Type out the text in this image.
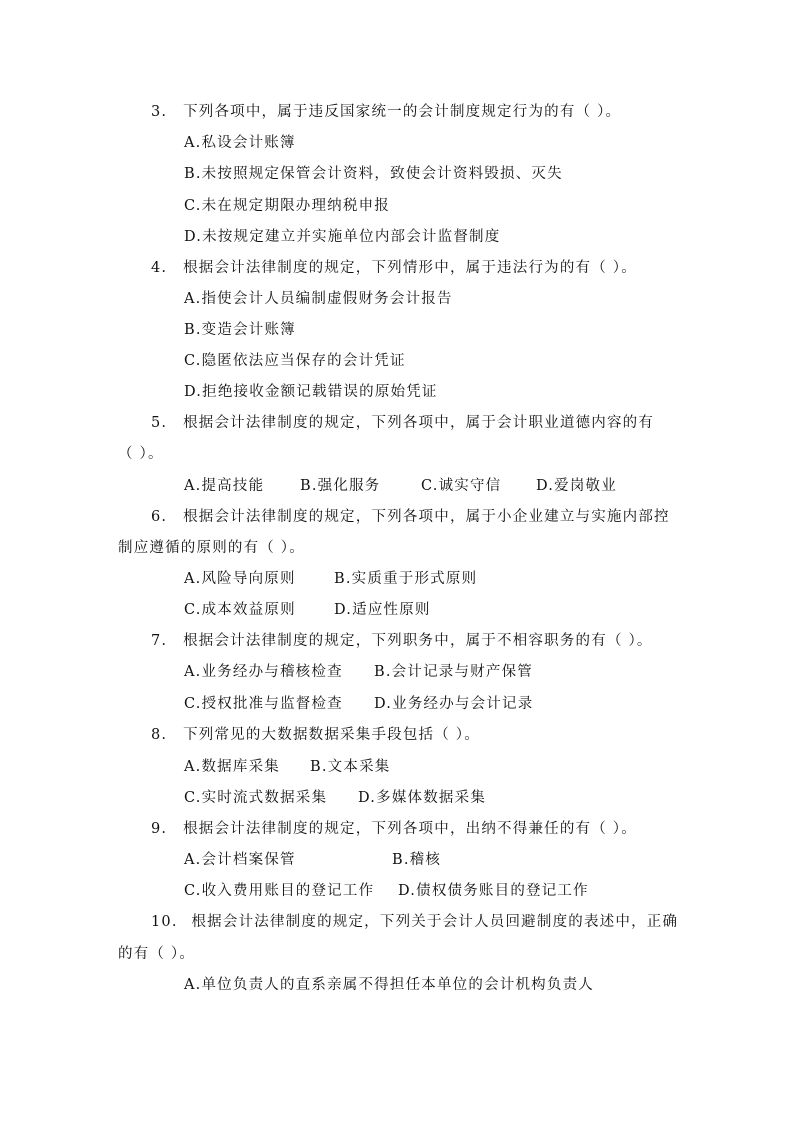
3. 下列各项中，属于违反国家统一的会计制度规定行为的有（ ）。
A.私设会计账簿
B.未按照规定保管会计资料，致使会计资料毁损、灭失
C.未在规定期限办理纳税申报
D.未按规定建立并实施单位内部会计监督制度
4. 根据会计法律制度的规定，下列情形中，属于违法行为的有（ ）。
A.指使会计人员编制虚假财务会计报告
B.变造会计账簿
C.隐匿依法应当保存的会计凭证
D.拒绝接收金额记载错误的原始凭证
5. 根据会计法律制度的规定，下列各项中，属于会计职业道德内容的有
（ ）。
A.提高技能 B.强化服务	C.诚实守信 D.爱岗敬业
6. 根据会计法律制度的规定，下列各项中，属于小企业建立与实施内部控
制应遵循的原则的有（ ）。
A.风险导向原则	B.实质重于形式原则
C.成本效益原则	D.适应性原则
7. 根据会计法律制度的规定，下列职务中，属于不相容职务的有（ ）。
A.业务经办与稽核检查 B.会计记录与财产保管
C.授权批准与监督检查 D.业务经办与会计记录
8. 下列常见的大数据数据采集手段包括（ ）。
A.数据库采集 B.文本采集
C.实时流式数据采集 D.多媒体数据采集
9. 根据会计法律制度的规定，下列各项中，出纳不得兼任的有（ ）。
A.会计档案保管	B.稽核
C.收入费用账目的登记工作 D.债权债务账目的登记工作
10. 根据会计法律制度的规定，下列关于会计人员回避制度的表述中，正确
的有（ ）。
A.单位负责人的直系亲属不得担任本单位的会计机构负责人
